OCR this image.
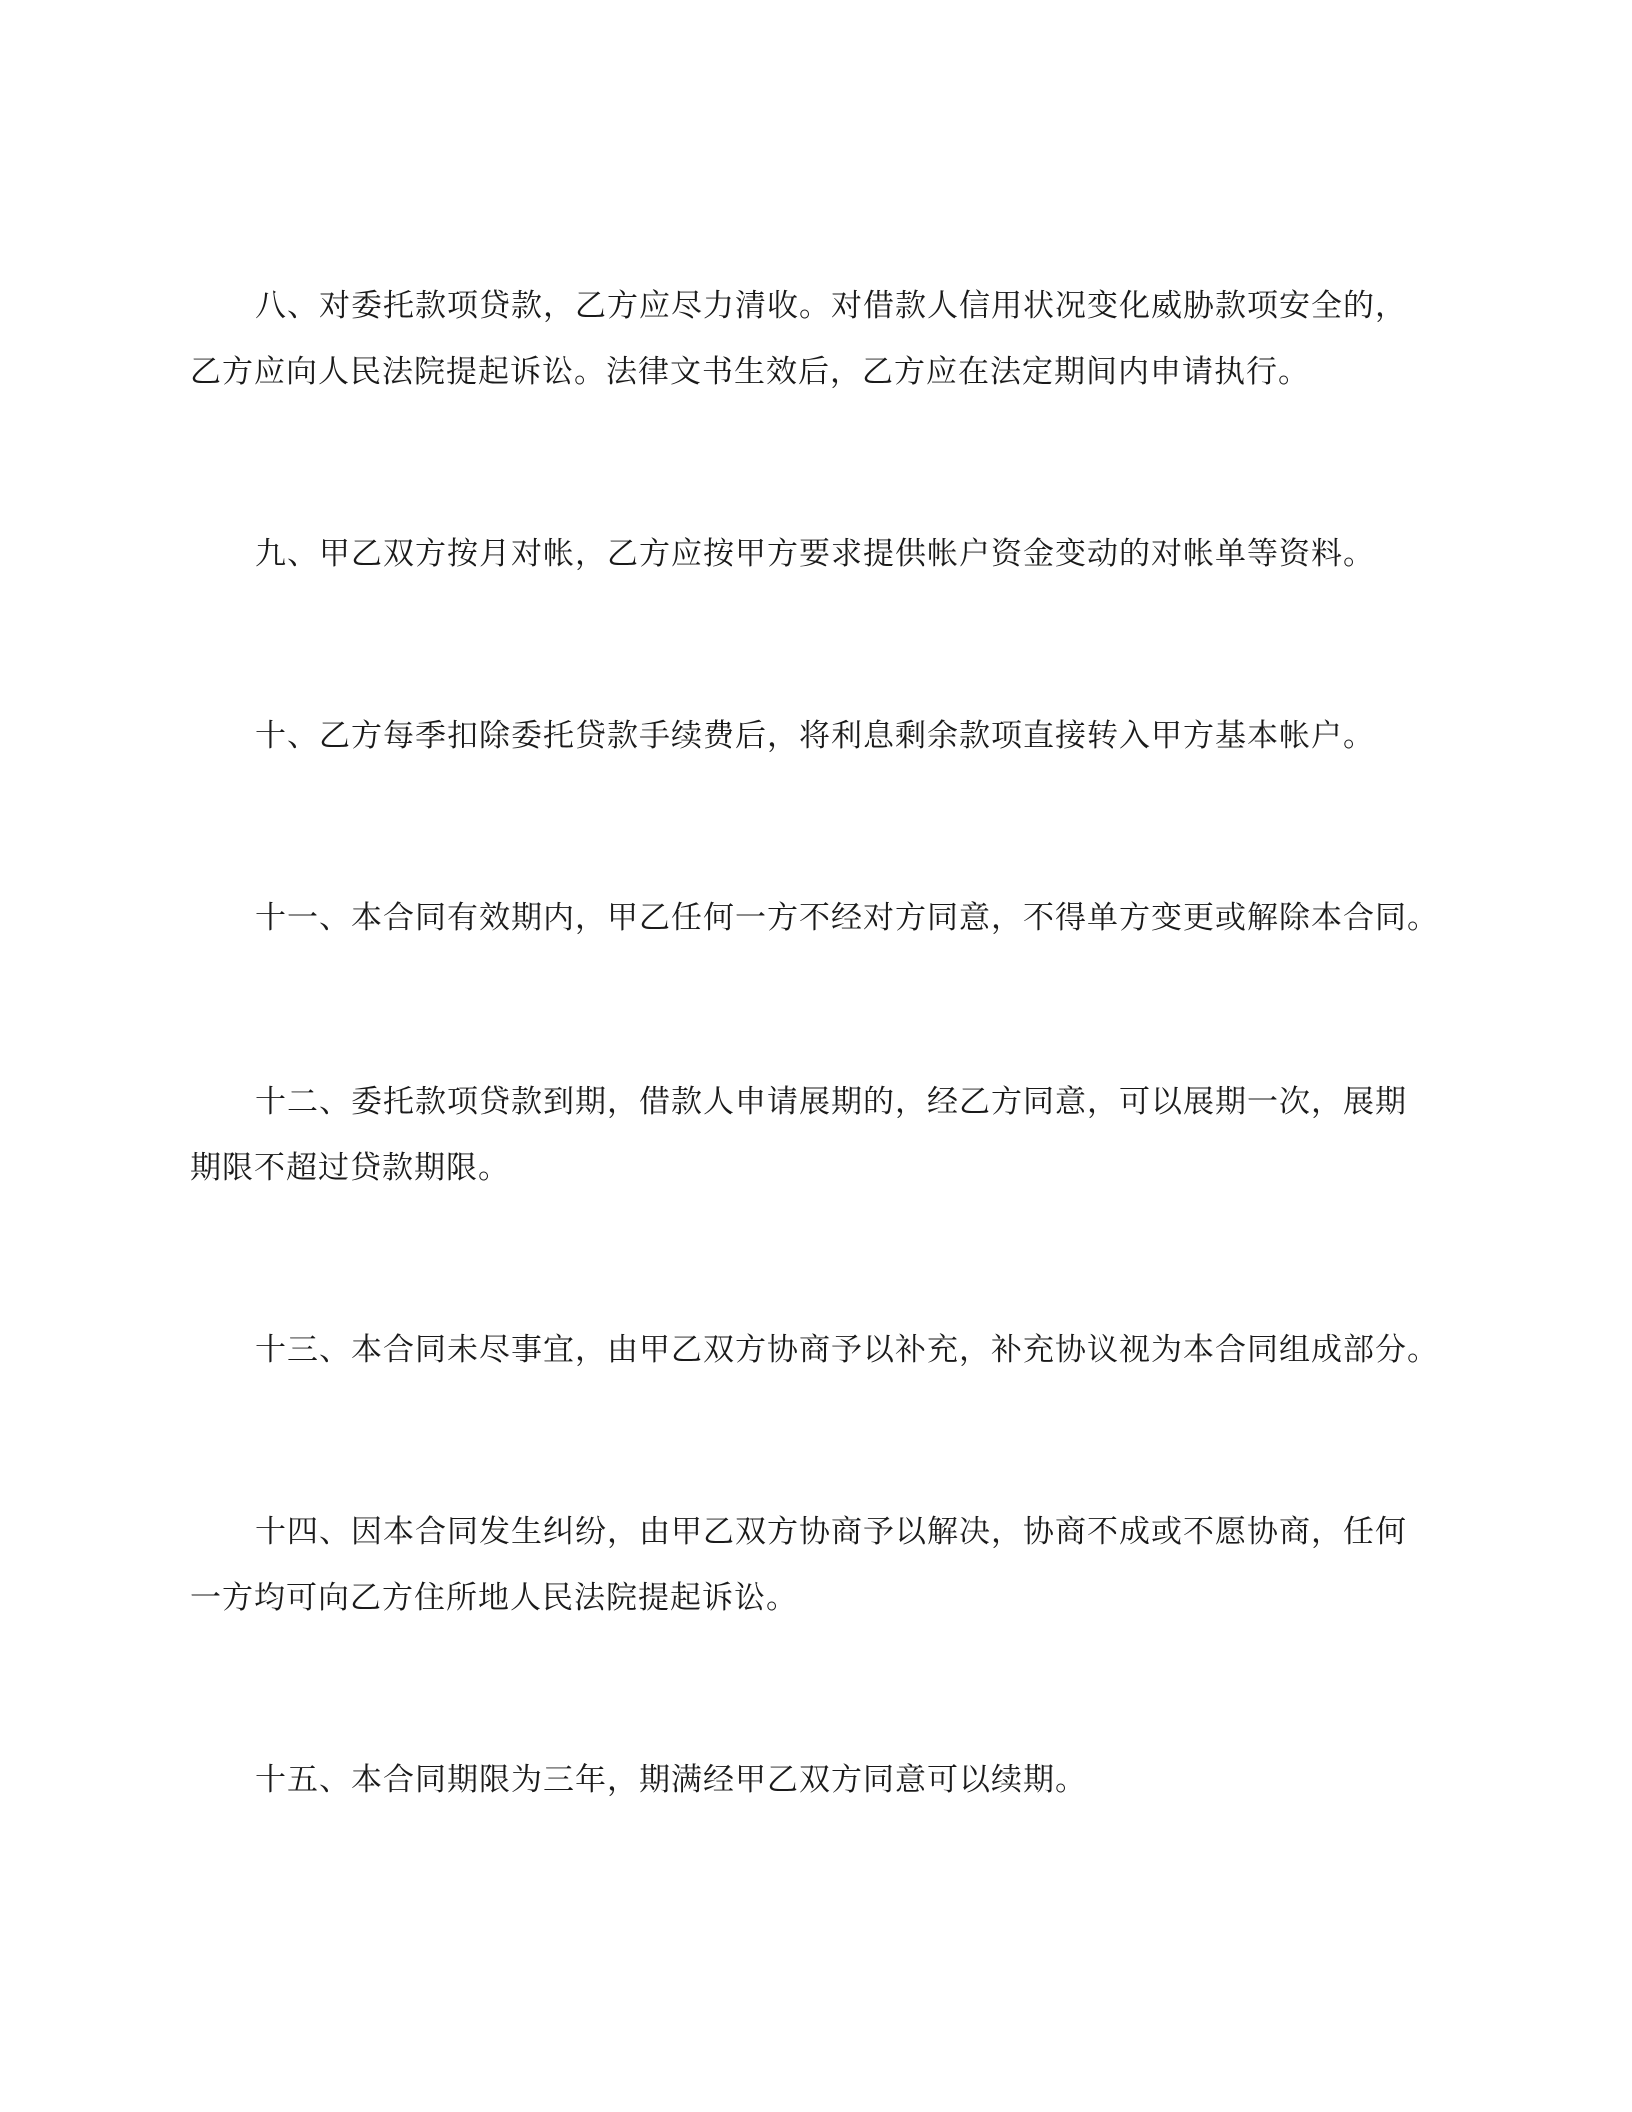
八、对委托款项贷款，乙方应尽力清收。对借款人信用状况变化威胁款项安全的，
乙方应向人民法院提起诉讼。法律文书生效后，乙方应在法定期间内申请执行。
九、甲乙双方按月对帐，乙方应按甲方要求提供帐户资金变动的对帐单等资料。
十、乙方每季扣除委托贷款手续费后，将利息剩余款项直接转入甲方基本帐户。
十一、本合同有效期内，甲乙任何一方不经对方同意，不得单方变更或解除本合同。
十二、委托款项贷款到期，借款人申请展期的，经乙方同意，可以展期一次，展期
期限不超过贷款期限。
十三、本合同未尽事宜，由甲乙双方协商予以补充，补充协议视为本合同组成部分。
十四、因本合同发生纠纷，由甲乙双方协商予以解决，协商不成或不愿协商，任何
一方均可向乙方住所地人民法院提起诉讼。
十五、本合同期限为三年，期满经甲乙双方同意可以续期。
